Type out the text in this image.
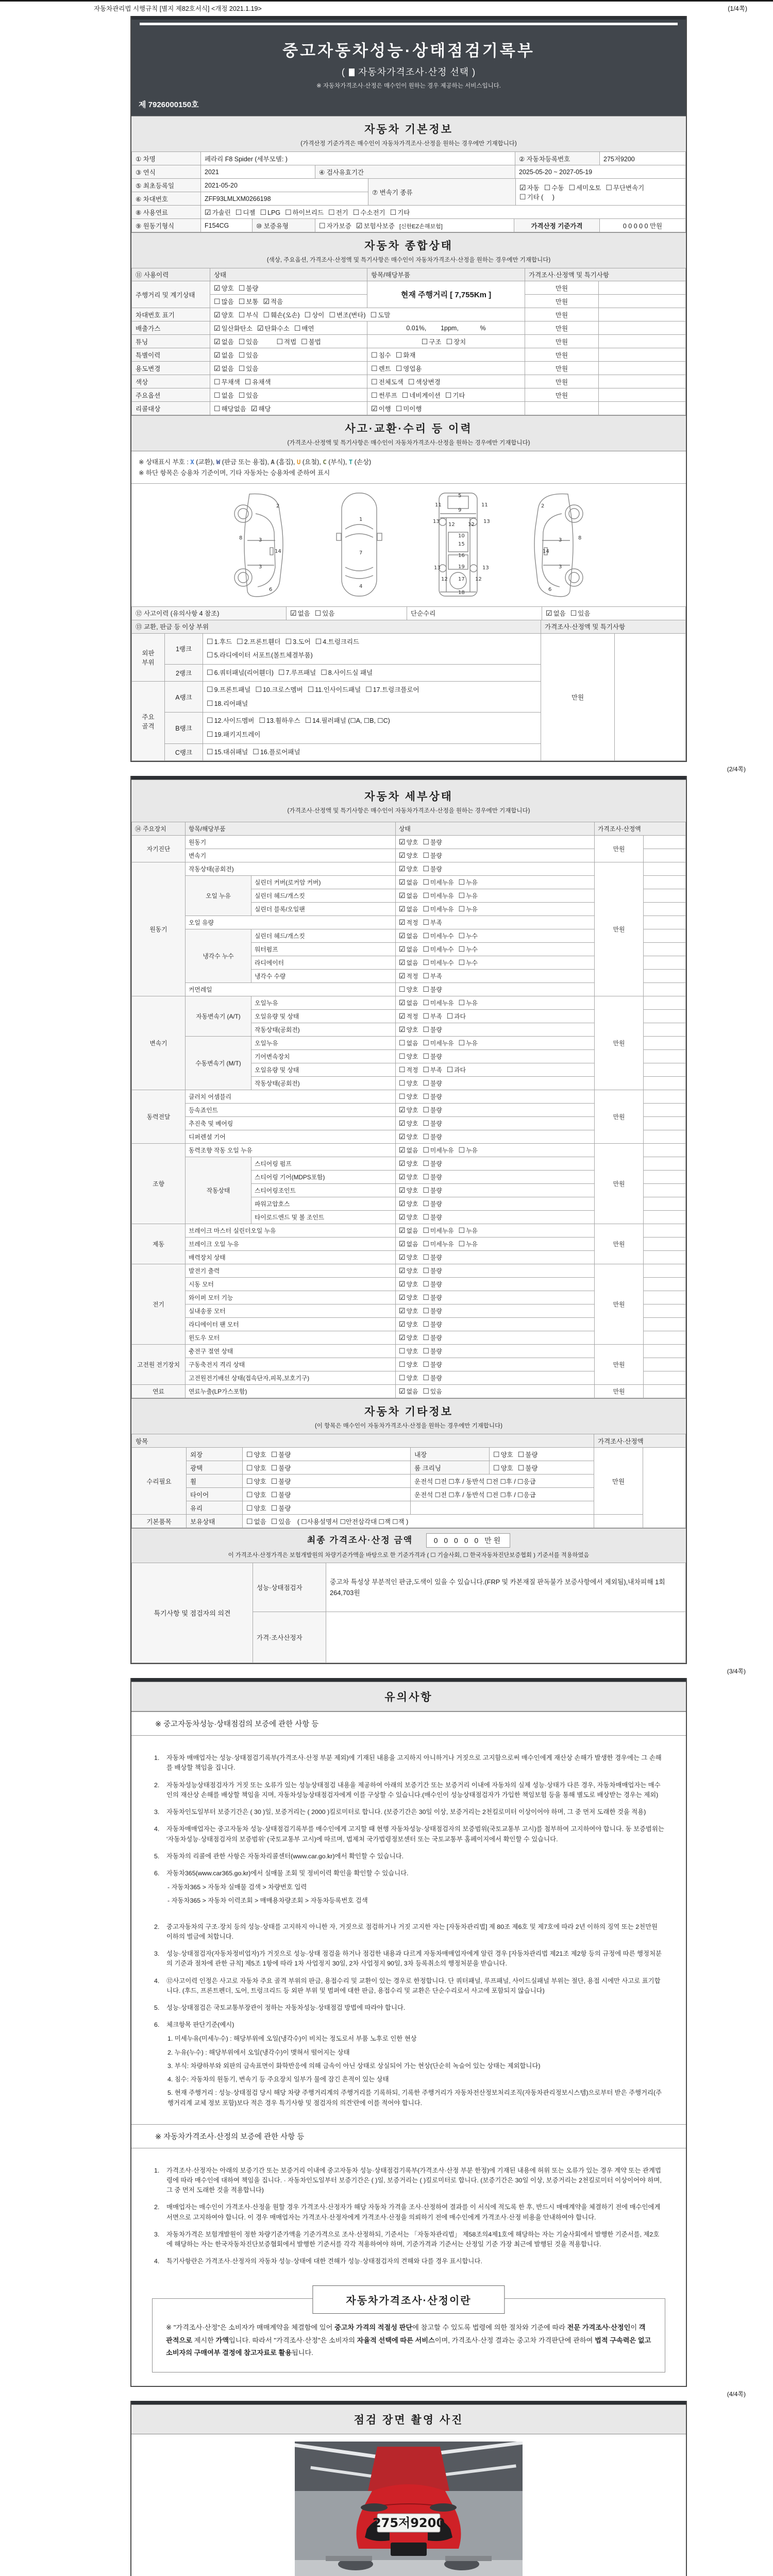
자동차관리법 시행규칙 [별지 제82호서식] <개정 2021.1.19>	(1/4쪽)
중고자동차성능·상태점검기록부
( 자동차가격조사·산정 선택 )
※ 자동차가격조사·산정은 매수인이 원하는 경우 제공하는 서비스입니다.
제 7926000150호
자동차 기본정보
(가격산정 기준가격은 매수인이 자동차가격조사·산정을 원하는 경우에만 기재합니다)
① 차명	페라리 F8 Spider (세부모델: )	② 자동차등록번호	275저9200
③ 연식	2021	④ 검사유효기간	2025-05-20 ~ 2027-05-19
⑤ 최초등록일	2021-05-20	⑦ 변속기 종류	☑ 자동 ☐ 수동 ☐ 세미오토 ☐ 무단변속기☐ 기타 (     )
⑥ 차대번호	ZFF93LMLXM0266198		
⑧ 사용연료	☑ 가솔린 ☐ 디젤 ☐ LPG ☐ 하이브리드 ☐ 전기 ☐ 수소전기 ☐ 기타
⑨ 원동기형식	F154CG	⑩ 보증유형	☐ 자가보증 ☑ 보험사보증 [신한EZ손해보험]	가격산정 기준가격	0 0 0 0 0 만원
자동차 종합상태
(색상, 주요옵션, 가격조사·산정액 및 특기사항은 매수인이 자동차가격조사·산정을 원하는 경우에만 기재합니다)
⑪ 사용이력	상태	항목/해당부품	가격조사·산정액 및 특기사항	
주행거리 및 계기상태	☑ 양호 ☐ 불량	현재 주행거리 [ 7,755Km ]	만원	
	☐ 많음 ☐ 보통 ☑ 적음		만원	
차대번호 표기	☑ 양호 ☐ 부식 ☐ 훼손(오손) ☐ 상이 ☐ 변조(변타) ☐ 도말		만원	
배출가스	☑ 일산화탄소 ☑ 탄화수소 ☐ 매연	0.01%,        1ppm,            %	만원	
튜닝	☑ 없음 ☐ 있음 ☐ 적법 ☐ 불법	☐ 구조 ☐ 장치	만원	
특별이력	☑ 없음 ☐ 있음	☐ 침수 ☐ 화재	만원	
용도변경	☑ 없음 ☐ 있음	☐ 렌트 ☐ 영업용	만원	
색상	☐ 무채색 ☐ 유채색	☐ 전체도색 ☐ 색상변경	만원	
주요옵션	☐ 없음 ☐ 있음	☐ 썬루프 ☐ 네비게이션 ☐ 기타	만원	
리콜대상	☐ 해당없음 ☑ 해당	☑ 이행 ☐ 미이행		
사고·교환·수리 등 이력
(가격조사·산정액 및 특기사항은 매수인이 자동차가격조사·산정을 원하는 경우에만 기재합니다)
※ 상태표시 부호 : X (교환), W (판금 또는 용접), A (흠집), U (요철), C (부식), T (손상)
※ 하단 항목은 승용차 기준이며, 기타 자동차는 승용차에 준하여 표시
2
8	3
14
3
6
1
7
4
5
11	11
9
13	13
12	12
10
15
16
13	19	13
12	12
17
18
2
3	8
14
3
6
⑫ 사고이력 (유의사항 4 참조)	☑ 없음 ☐ 있음	단순수리	☑ 없음 ☐ 있음
⑬ 교환, 판금 등 이상 부위			가격조사·산정액 및 특기사항	
외판 부위	1랭크	☐ 1.후드 ☐ 2.프론트휀더 ☐ 3.도어 ☐ 4.트렁크리드
☐ 5.라디에이터 서포트(볼트체결부품)	만원	
	2랭크	☐ 6.쿼터패널(리어휀더) ☐ 7.루프패널 ☐ 8.사이드실 패널		
주요 골격	A랭크	☐ 9.프론트패널 ☐ 10.크로스멤버 ☐ 11.인사이드패널 ☐ 17.트렁크플로어
☐ 18.리어패널		
	B랭크	☐ 12.사이드멤버 ☐ 13.휠하우스 ☐ 14.필러패널 (☐A, ☐B, ☐C)
☐ 19.패키지트레이		
	C랭크	☐ 15.대쉬패널 ☐ 16.플로어패널		
(2/4쪽)
자동차 세부상태
(가격조사·산정액 및 특기사항은 매수인이 자동차가격조사·산정을 원하는 경우에만 기재합니다)
⑭ 주요장치	항목/해당부품		상태	가격조사·산정액	
자기진단	원동기		☑ 양호 ☐ 불량	만원	
	변속기		☑ 양호 ☐ 불량		
원동기	작동상태(공회전)		☑ 양호 ☐ 불량	만원	
	오일 누유	실린더 커버(로커암 커버)	☑ 없음 ☐ 미세누유 ☐ 누유		
		실린더 헤드/개스킷	☑ 없음 ☐ 미세누유 ☐ 누유		
		실린더 블록/오일팬	☑ 없음 ☐ 미세누유 ☐ 누유		
	오일 유량		☑ 적정 ☐ 부족		
	냉각수 누수	실린더 헤드/개스킷	☑ 없음 ☐ 미세누수 ☐ 누수		
		워터펌프	☑ 없음 ☐ 미세누수 ☐ 누수		
		라디에이터	☑ 없음 ☐ 미세누수 ☐ 누수		
		냉각수 수량	☑ 적정 ☐ 부족		
	커먼레일		☐ 양호 ☐ 불량		
변속기	자동변속기 (A/T)	오일누유	☑ 없음 ☐ 미세누유 ☐ 누유	만원	
		오일유량 및 상태	☑ 적정 ☐ 부족 ☐ 과다		
		작동상태(공회전)	☑ 양호 ☐ 불량		
	수동변속기 (M/T)	오일누유	☐ 없음 ☐ 미세누유 ☐ 누유		
		기어변속장치	☐ 양호 ☐ 불량		
		오일유량 및 상태	☐ 적정 ☐ 부족 ☐ 과다		
		작동상태(공회전)	☐ 양호 ☐ 불량		
동력전달	클러치 어셈블리		☐ 양호 ☐ 불량	만원	
	등속죠인트		☑ 양호 ☐ 불량		
	추진축 및 베어링		☑ 양호 ☐ 불량		
	디퍼렌셜 기어		☑ 양호 ☐ 불량		
조향	동력조향 작동 오일 누유		☑ 없음 ☐ 미세누유 ☐ 누유	만원	
	작동상태	스티어링 펌프	☑ 양호 ☐ 불량		
		스티어링 기어(MDPS포함)	☑ 양호 ☐ 불량		
		스티어링조인트	☑ 양호 ☐ 불량		
		파워고압호스	☑ 양호 ☐ 불량		
		타이로드엔드 및 볼 조인트	☑ 양호 ☐ 불량		
제동	브레이크 마스터 실린더오일 누유		☑ 없음 ☐ 미세누유 ☐ 누유	만원	
	브레이크 오일 누유		☑ 없음 ☐ 미세누유 ☐ 누유		
	배력장치 상태		☑ 양호 ☐ 불량		
전기	발전기 출력		☑ 양호 ☐ 불량	만원	
	시동 모터		☑ 양호 ☐ 불량		
	와이퍼 모터 기능		☑ 양호 ☐ 불량		
	실내송풍 모터		☑ 양호 ☐ 불량		
	라디에이터 팬 모터		☑ 양호 ☐ 불량		
	윈도우 모터		☑ 양호 ☐ 불량		
고전원 전기장치	충전구 절연 상태		☐ 양호 ☐ 불량	만원	
	구동축전지 격리 상태		☐ 양호 ☐ 불량		
	고전원전기배선 상태(접속단자,피복,보호기구)		☐ 양호 ☐ 불량		
연료	연료누출(LP가스포함)		☑ 없음 ☐ 있음	만원	
자동차 기타정보
(이 항목은 매수인이 자동차가격조사·산정을 원하는 경우에만 기재합니다)
항목					가격조사·산정액	
수리필요	외장	☐ 양호 ☐ 불량	내장	☐ 양호 ☐ 불량	만원	
	광택	☐ 양호 ☐ 불량	룸 크리닝	☐ 양호 ☐ 불량		
	휠	☐ 양호 ☐ 불량	운전석 ☐전 ☐후 / 동반석 ☐전 ☐후 / ☐응급			
	타이어	☐ 양호 ☐ 불량	운전석 ☐전 ☐후 / 동반석 ☐전 ☐후 / ☐응급			
	유리	☐ 양호 ☐ 불량				
기본품목	보유상태	☐ 없음 ☐ 있음 ( ☐사용설명서 ☐안전삼각대 ☐잭 ☐잭 )				
최종 가격조사·산정 금액	0 0 0 0 0 만원
이 가격조사·산정가격은 보험개발원의 차량기준가액을 바탕으로 한 기준가격과 ( ☐ 기술사회, ☐ 한국자동차진단보증협회 ) 기준서를 적용하였음
특기사항 및 점검자의 의견	성능·상태점검자	중고차 특성상 부분적인 판금,도색이 있을 수 있습니다.(FRP 및 카본재질 판독불가 보증사항에서 제외됨),내차피해 1회 264,703원
	가격·조사산정자	
(3/4쪽)
유의사항
※ 중고자동차성능·상태점검의 보증에 관한 사항 등
1.	자동차 매매업자는 성능·상태점검기록부(가격조사·산정 부분 제외)에 기재된 내용을 고지하지 아니하거나 거짓으로 고지함으로써 매수인에게 재산상 손해가 발생한 경우에는 그 손해를 배상할 책임을 집니다.
2.	자동차성능상태점검자가 거짓 또는 오류가 있는 성능상태점검 내용을 제공하여 아래의 보증기간 또는 보증거리 이내에 자동차의 실제 성능·상태가 다른 경우, 자동차매매업자는 매수인의 재산상 손해를 배상할 책임을 지며, 자동차성능상태점검자에게 이를 구상할 수 있습니다.(매수인이 성능상태점검자가 가입한 책임보험 등을 통해 별도로 배상받는 경우는 제외)
3.	자동차인도일부터 보증기간은 ( 30 )일, 보증거리는 ( 2000 )킬로미터로 합니다. (보증기간은 30일 이상, 보증거리는 2천킬로미터 이상이어야 하며, 그 중 먼저 도래한 것을 적용)
4.	자동차매매업자는 중고자동차 성능·상태점검기록부를 매수인에게 고지할 때 현행 자동차성능·상태점검자의 보증범위(국토교통부 고시)를 첨부하여 고지하여야 합니다. 동 보증범위는 '자동차성능·상태점검자의 보증범위' (국토교통부 고시)에 따르며, 법제처 국가법령정보센터 또는 국토교통부 홈페이지에서 확인할 수 있습니다.
5.	자동차의 리콜에 관한 사항은 자동차리콜센터(www.car.go.kr)에서 확인할 수 있습니다.
6.	자동차365(www.car365.go.kr)에서 실매물 조회 및 정비이력 확인을 확인할 수 있습니다.
- 자동차365 > 자동차 실매물 검색 > 차량번호 입력
- 자동차365 > 자동차 이력조회 > 매매용차량조회 > 자동차등록번호 검색
2.	중고자동차의 구조·장치 등의 성능·상태를 고지하지 아니한 자, 거짓으로 점검하거나 거짓 고지한 자는 [자동차관리법] 제 80조 제6호 및 제7호에 따라 2년 이하의 징역 또는 2천만원 이하의 벌금에 처합니다.
3.	성능·상태점검자(자동차정비업자)가 거짓으로 성능·상태 점검을 하거나 점검한 내용과 다르게 자동차매매업자에게 알린 경우 [자동차관리법 제21조 제2항 등의 규정에 따른 행정처분의 기준과 절차에 관한 규칙] 제5조 1항에 따라 1차 사업정지 30일, 2차 사업정지 90일, 3차 등록취소의 행정처분을 받습니다.
4.	⑫사고이력 인정은 사고로 자동차 주요 골격 부위의 판금, 용접수리 및 교환이 있는 경우로 한정합니다. 단 쿼터패널, 루프패널, 사이드실패널 부위는 절단, 용접 시에만 사고로 표기합니다. (후드, 프론트펜더, 도어, 트렁크리드 등 외판 부위 및 범퍼에 대한 판금, 용접수리 및 교환은 단순수리로서 사고에 포함되지 않습니다)
5.	성능·상태점검은 국토교통부장관이 정하는 자동차성능·상태점검 방법에 따라야 합니다.
6.	체크항목 판단기준(예시)
1. 미세누유(미세누수) : 해당부위에 오일(냉각수)이 비치는 정도로서 부품 노후로 인한 현상
2. 누유(누수) : 해당부위에서 오일(냉각수)이 맺혀서 떨어지는 상태
3. 부식: 차량하부와 외판의 금속표면이 화학반응에 의해 금속이 아닌 상태로 상실되어 가는 현상(단순히 녹슬어 있는 상태는 제외합니다)
4. 침수: 자동차의 원동기, 변속기 등 주요장치 일부가 물에 잠긴 흔적이 있는 상태
5. 현재 주행거리 : 성능·상태점검 당시 해당 차량 주행거리계의 주행거리를 기록하되, 기록한 주행거리가 자동차전산정보처리조직(자동차관리정보시스템)으로부터 받은 주행거리(주행거리계 교체 정보 포함)보다 적은 경우 특기사항 및 점검자의 의견'란에 이를 적어야 합니다.
※ 자동차가격조사·산정의 보증에 관한 사항 등
1.	가격조사·산정자는 아래의 보증기간 또는 보증거리 이내에 중고자동차 성능·상태점검기록부(가격조사·산정 부분 한정)에 기재된 내용에 허위 또는 오류가 있는 경우 계약 또는 관계법령에 따라 매수인에 대하여 책임을 집니다. · 자동차인도일부터 보증기간은 ( )일, 보증거리는 ( )킬로미터로 합니다. (보증기간은 30일 이상, 보증거리는 2천킬로미터 이상이어야 하며, 그 중 먼저 도래한 것을 적용합니다)
2.	매매업자는 매수인이 가격조사·산정을 원할 경우 가격조사·산정자가 해당 자동차 가격을 조사·산정하여 결과를 이 서식에 적도록 한 후, 반드시 매매계약을 체결하기 전에 매수인에게 서면으로 고지하여야 합니다. 이 경우 매매업자는 가격조사·산정자에게 가격조사·산정을 의뢰하기 전에 매수인에게 가격조사·산정 비용을 안내하여야 합니다.
3.	자동차가격은 보험개발원이 정한 차량기준가액을 기준가격으로 조사·산정하되, 기준서는 「자동차관리법」 제58조의4제1호에 해당하는 자는 기술사회에서 발행한 기준서를, 제2호에 해당하는 자는 한국자동차진단보증협회에서 발행한 기준서를 각각 적용하여야 하며, 기준가격과 기준서는 산정일 기준 가장 최근에 발행된 것을 적용합니다.
4.	특기사항란은 가격조사·산정자의 자동차 성능·상태에 대한 견해가 성능·상태점검자의 견해와 다를 경우 표시합니다.
자동차가격조사·산정이란
※ "가격조사·산정"은 소비자가 매매계약을 체결함에 있어 중고차 가격의 적절성 판단에 참고할 수 있도록 법령에 의한 절차와 기준에 따라 전문 가격조사·산정인이 객관적으로 제시한 가액입니다. 따라서 "가격조사·산정"은 소비자의 자율적 선택에 따른 서비스이며, 가격조사·산정 결과는 중고차 가격판단에 관하여 법적 구속력은 없고 소비자의 구매여부 결정에 참고자료로 활용됩니다.
(4/4쪽)
점검 장면 촬영 사진
275저9200
